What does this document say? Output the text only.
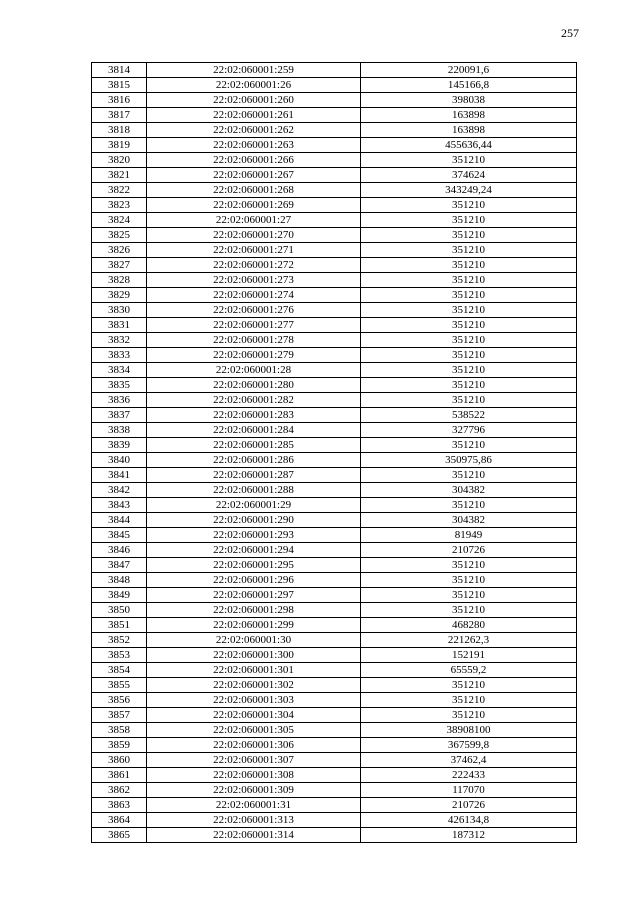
257
3814	22:02:060001:259	220091,6
3815	22:02:060001:26	145166,8
3816	22:02:060001:260	398038
3817	22:02:060001:261	163898
3818	22:02:060001:262	163898
3819	22:02:060001:263	455636,44
3820	22:02:060001:266	351210
3821	22:02:060001:267	374624
3822	22:02:060001:268	343249,24
3823	22:02:060001:269	351210
3824	22:02:060001:27	351210
3825	22:02:060001:270	351210
3826	22:02:060001:271	351210
3827	22:02:060001:272	351210
3828	22:02:060001:273	351210
3829	22:02:060001:274	351210
3830	22:02:060001:276	351210
3831	22:02:060001:277	351210
3832	22:02:060001:278	351210
3833	22:02:060001:279	351210
3834	22:02:060001:28	351210
3835	22:02:060001:280	351210
3836	22:02:060001:282	351210
3837	22:02:060001:283	538522
3838	22:02:060001:284	327796
3839	22:02:060001:285	351210
3840	22:02:060001:286	350975,86
3841	22:02:060001:287	351210
3842	22:02:060001:288	304382
3843	22:02:060001:29	351210
3844	22:02:060001:290	304382
3845	22:02:060001:293	81949
3846	22:02:060001:294	210726
3847	22:02:060001:295	351210
3848	22:02:060001:296	351210
3849	22:02:060001:297	351210
3850	22:02:060001:298	351210
3851	22:02:060001:299	468280
3852	22:02:060001:30	221262,3
3853	22:02:060001:300	152191
3854	22:02:060001:301	65559,2
3855	22:02:060001:302	351210
3856	22:02:060001:303	351210
3857	22:02:060001:304	351210
3858	22:02:060001:305	38908100
3859	22:02:060001:306	367599,8
3860	22:02:060001:307	37462,4
3861	22:02:060001:308	222433
3862	22:02:060001:309	117070
3863	22:02:060001:31	210726
3864	22:02:060001:313	426134,8
3865	22:02:060001:314	187312
